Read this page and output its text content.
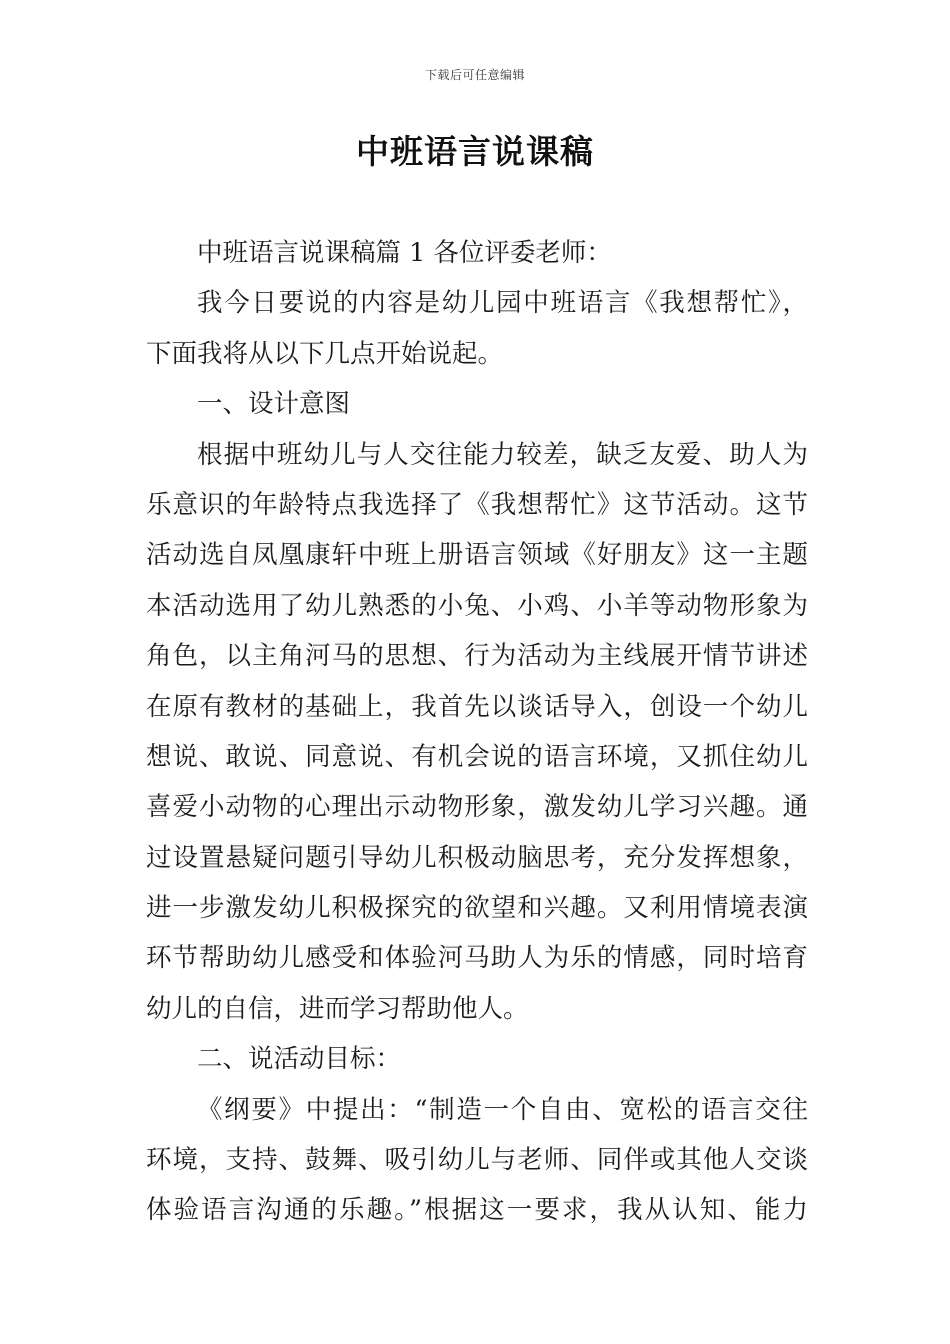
下载后可任意编辑
中班语言说课稿
中班语言说课稿篇 1 各位评委老师：
我今日要说的内容是幼儿园中班语言《我想帮忙》，
下面我将从以下几点开始说起。
一、设计意图
根据中班幼儿与人交往能力较差，缺乏友爱、助人为
乐意识的年龄特点我选择了《我想帮忙》这节活动。这节
活动选自凤凰康轩中班上册语言领域《好朋友》这一主题
本活动选用了幼儿熟悉的小兔、小鸡、小羊等动物形象为
角色，以主角河马的思想、行为活动为主线展开情节讲述
在原有教材的基础上，我首先以谈话导入，创设一个幼儿
想说、敢说、同意说、有机会说的语言环境，又抓住幼儿
喜爱小动物的心理出示动物形象，激发幼儿学习兴趣。通
过设置悬疑问题引导幼儿积极动脑思考，充分发挥想象，
进一步激发幼儿积极探究的欲望和兴趣。又利用情境表演
环节帮助幼儿感受和体验河马助人为乐的情感，同时培育
幼儿的自信，进而学习帮助他人。
二、说活动目标：
《纲要》中提出：“制造一个自由、宽松的语言交往
环境，支持、鼓舞、吸引幼儿与老师、同伴或其他人交谈
体验语言沟通的乐趣。”根据这一要求，我从认知、能力
